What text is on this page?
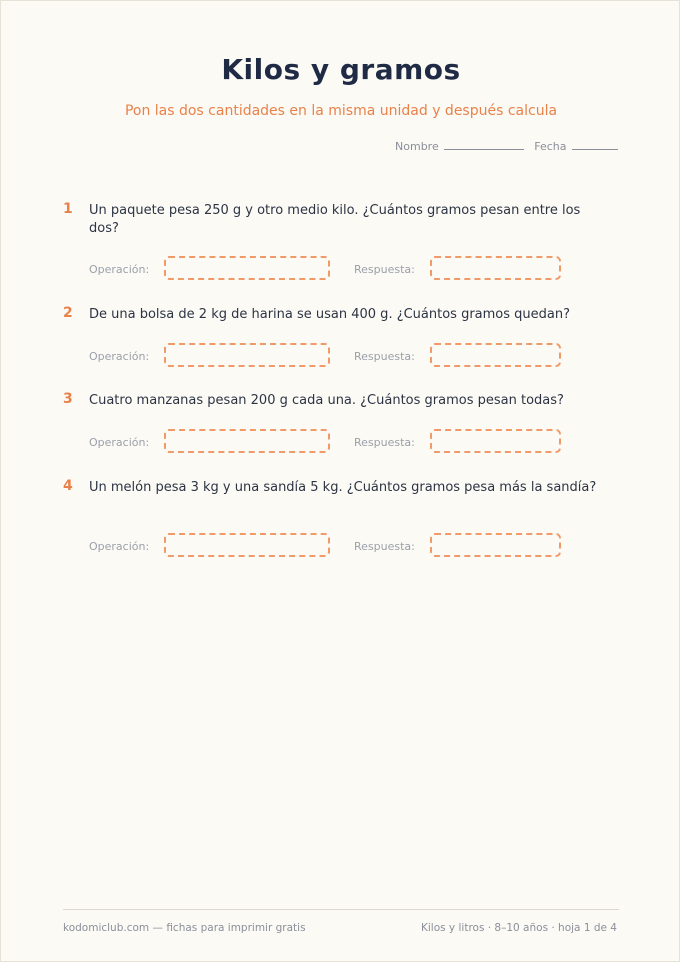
Kilos y gramos
Pon las dos cantidades en la misma unidad y después calcula
Nombre	Fecha
1 Un paquete pesa 250 g y otro medio kilo. ¿Cuántos gramos pesan entre los dos?
Operación:	Respuesta:
2 De una bolsa de 2 kg de harina se usan 400 g. ¿Cuántos gramos quedan?
Operación:	Respuesta:
3 Cuatro manzanas pesan 200 g cada una. ¿Cuántos gramos pesan todas?
Operación:	Respuesta:
4 Un melón pesa 3 kg y una sandía 5 kg. ¿Cuántos gramos pesa más la sandía?
Operación:	Respuesta:
kodomiclub.com — fichas para imprimir gratis	Kilos y litros · 8–10 años · hoja 1 de 4
